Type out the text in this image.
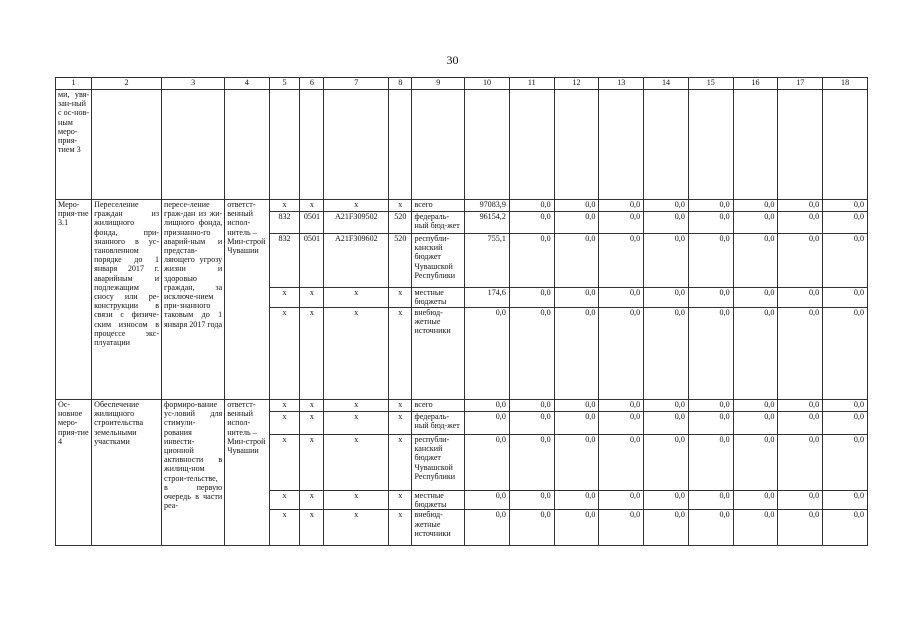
30
1	2	3	4	5	6	7	8	9	10	11	12	13	14	15	16	17	18
ми, увя-зан-ный с ос-нов-ным меро-прия-тием 3																	
Меро-прия-тие 3.1	Переселение граждан из жилищного фонда, при-знанного в ус-тановленном порядке до 1 января 2017 г. аварийным и подлежащим сносу или ре-конструкции в связи с физиче-ским износом в процессе экс-плуатации	пересе-ление граж-дан из жи-лищного фонда, признанно-го аварий-ным и представ-ляющего угрозу жизни и здоровью граждан, за исключе-нием при-знанного таковым до 1 января 2017 года	ответст-венный испол-нитель – Мин-строй Чувашии	x	x	x	x	всего	97083,9	0,0	0,0	0,0	0,0	0,0	0,0	0,0	0,0
				832	0501	A21F309502	520	федераль-ный бюд-жет	96154,2	0,0	0,0	0,0	0,0	0,0	0,0	0,0	0,0
				832	0501	A21F309602	520	республи-канский бюджет Чувашской Республики	755,1	0,0	0,0	0,0	0,0	0,0	0,0	0,0	0,0
				x	x	x	x	местные бюджеты	174,6	0,0	0,0	0,0	0,0	0,0	0,0	0,0	0,0
				x	x	x	x	внебюд-жетные источники	0,0	0,0	0,0	0,0	0,0	0,0	0,0	0,0	0,0
Ос-новное меро-прия-тие 4	Обеспечение жилищного строительства земельными участками	формиро-вание ус-ловий для стимули-рования инвести-ционной активности в жилищ-ном строи-тельстве, в первую очередь в части реа-	ответст-венный испол-нитель – Мин-строй Чувашии	x	x	x	x	всего	0,0	0,0	0,0	0,0	0,0	0,0	0,0	0,0	0,0
				x	x	x	x	федераль-ный бюд-жет	0,0	0,0	0,0	0,0	0,0	0,0	0,0	0,0	0,0
				x	x	x	x	республи-канский бюджет Чувашской Республики	0,0	0,0	0,0	0,0	0,0	0,0	0,0	0,0	0,0
				x	x	x	x	местные бюджеты	0,0	0,0	0,0	0,0	0,0	0,0	0,0	0,0	0,0
				x	x	x	x	внебюд-жетные источники	0,0	0,0	0,0	0,0	0,0	0,0	0,0	0,0	0,0
